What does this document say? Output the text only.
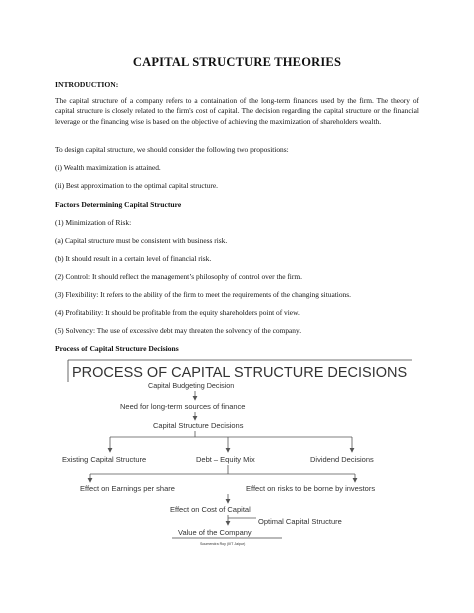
CAPITAL STRUCTURE THEORIES
INTRODUCTION:
The capital structure of a company refers to a containation of the long-term finances used by the firm. The theory of capital structure is closely related to the firm's cost of capital. The decision regarding the capital structure or the financial leverage or the financing wise is based on the objective of achieving the maximization of shareholders wealth.
To design capital structure, we should consider the following two propositions:
(i) Wealth maximization is attained.
(ii) Best approximation to the optimal capital structure.
Factors Determining Capital Structure
(1) Minimization of Risk:
(a) Capital structure must be consistent with business risk.
(b) It should result in a certain level of financial risk.
(2) Control: It should reflect the management’s philosophy of control over the firm.
(3) Flexibility: It refers to the ability of the firm to meet the requirements of the changing situations.
(4) Profitability: It should be profitable from the equity shareholders point of view.
(5) Solvency: The use of excessive debt may threaten the solvency of the company.
Process of Capital Structure Decisions
PROCESS OF CAPITAL STRUCTURE DECISIONS
Capital Budgeting Decision
Need for long-term sources of finance
Capital Structure Decisions
Existing Capital Structure	Debt – Equity Mix	Dividend Decisions
Effect on Earnings per share	Effect on risks to be borne by investors
Effect on Cost of Capital
Optimal Capital Structure
Value of the Company
Soumendra Roy (IIIT Jaipur)
